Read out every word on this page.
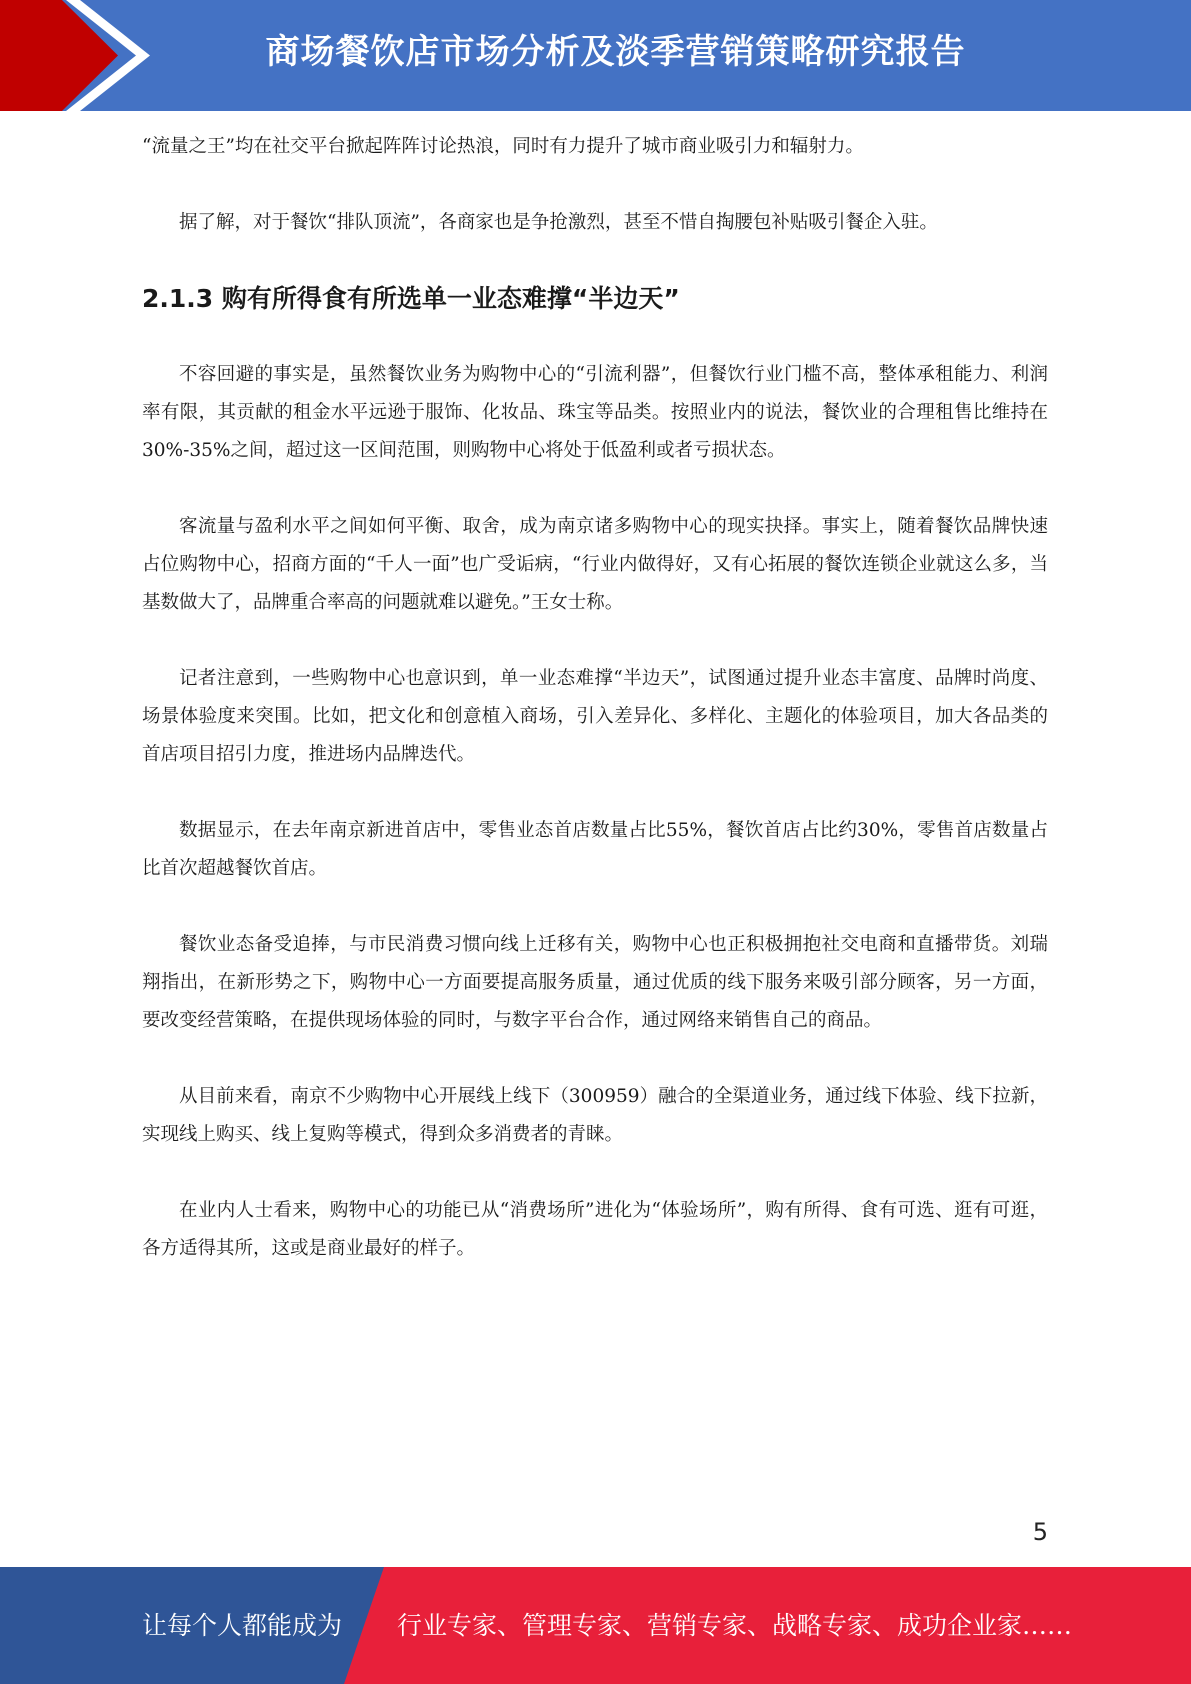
商场餐饮店市场分析及淡季营销策略研究报告

“流量之王”均在社交平台掀起阵阵讨论热浪，同时有力提升了城市商业吸引力和辐射力。

据了解，对于餐饮“排队顶流”，各商家也是争抢激烈，甚至不惜自掏腰包补贴吸引餐企入驻。

2.1.3 购有所得食有所选单一业态难撑“半边天”

不容回避的事实是，虽然餐饮业务为购物中心的“引流利器”，但餐饮行业门槛不高，整体承租能力、利润率有限，其贡献的租金水平远逊于服饰、化妆品、珠宝等品类。按照业内的说法，餐饮业的合理租售比维持在30%-35%之间，超过这一区间范围，则购物中心将处于低盈利或者亏损状态。

客流量与盈利水平之间如何平衡、取舍，成为南京诸多购物中心的现实抉择。事实上，随着餐饮品牌快速占位购物中心，招商方面的“千人一面”也广受诟病，“行业内做得好，又有心拓展的餐饮连锁企业就这么多，当基数做大了，品牌重合率高的问题就难以避免。”王女士称。

记者注意到，一些购物中心也意识到，单一业态难撑“半边天”，试图通过提升业态丰富度、品牌时尚度、场景体验度来突围。比如，把文化和创意植入商场，引入差异化、多样化、主题化的体验项目，加大各品类的首店项目招引力度，推进场内品牌迭代。

数据显示，在去年南京新进首店中，零售业态首店数量占比55%，餐饮首店占比约30%，零售首店数量占比首次超越餐饮首店。

餐饮业态备受追捧，与市民消费习惯向线上迁移有关，购物中心也正积极拥抱社交电商和直播带货。刘瑞翔指出，在新形势之下，购物中心一方面要提高服务质量，通过优质的线下服务来吸引部分顾客，另一方面，要改变经营策略，在提供现场体验的同时，与数字平台合作，通过网络来销售自己的商品。

从目前来看，南京不少购物中心开展线上线下（300959）融合的全渠道业务，通过线下体验、线下拉新，实现线上购买、线上复购等模式，得到众多消费者的青睐。

在业内人士看来，购物中心的功能已从“消费场所”进化为“体验场所”，购有所得、食有可选、逛有可逛，各方适得其所，这或是商业最好的样子。

5
让每个人都能成为 行业专家、管理专家、营销专家、战略专家、成功企业家……
